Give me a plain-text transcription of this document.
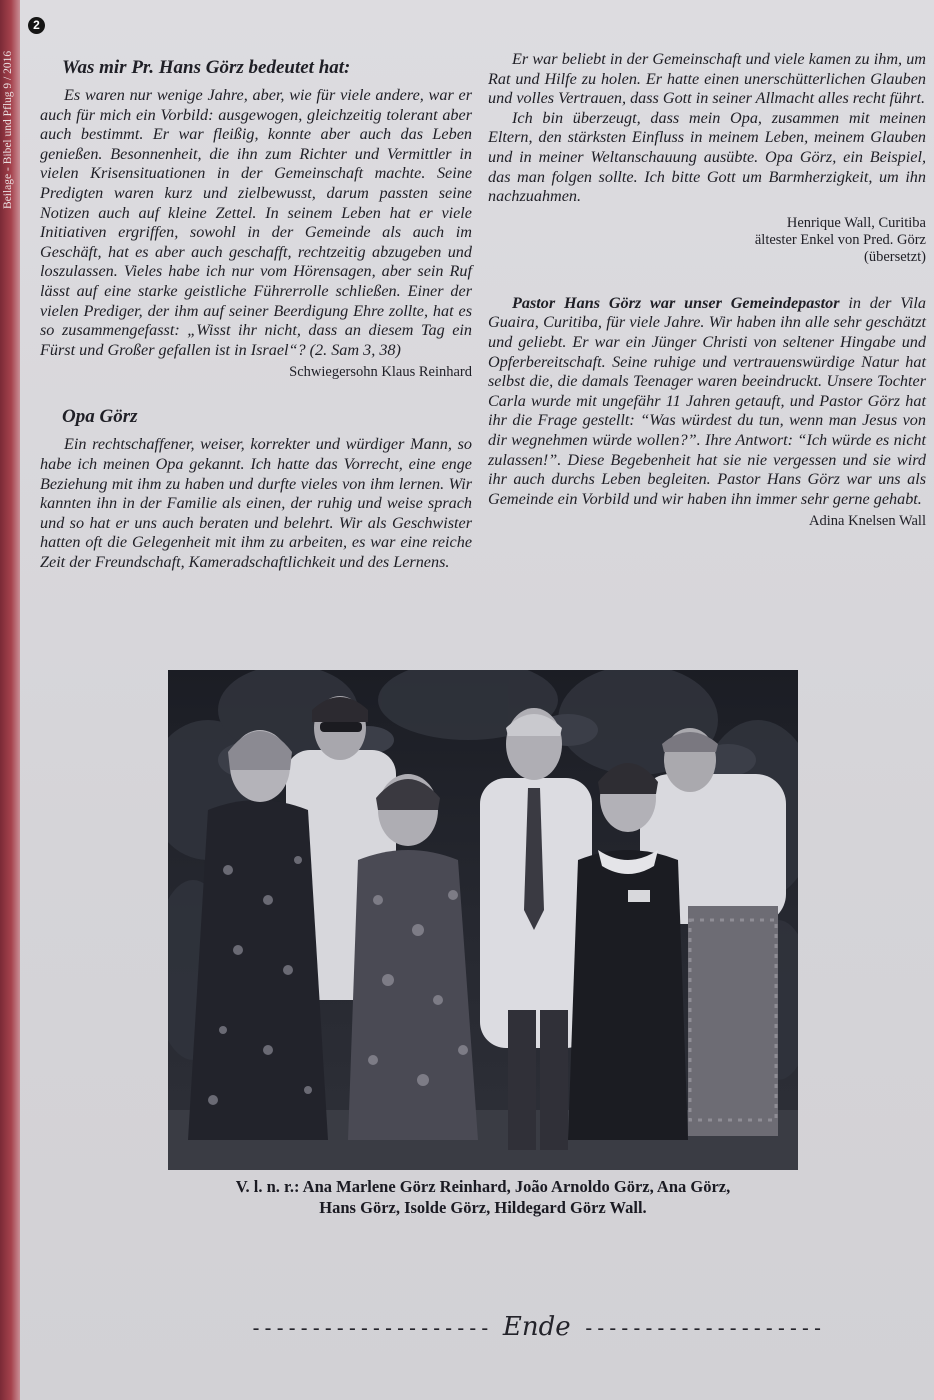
Beilage - Bibel und Pflug 9 / 2016
2
Was mir Pr. Hans Görz bedeutet hat:

Es waren nur wenige Jahre, aber, wie für viele andere, war er auch für mich ein Vorbild: ausgewogen, gleichzeitig tolerant aber auch bestimmt. Er war fleißig, konnte aber auch das Leben genießen. Besonnenheit, die ihn zum Richter und Vermittler in vielen Krisensituationen in der Gemeinschaft machte. Seine Predigten waren kurz und zielbewusst, darum passten seine Notizen auch auf kleine Zettel. In seinem Leben hat er viele Initiativen ergriffen, sowohl in der Gemeinde als auch im Geschäft, hat es aber auch geschafft, rechtzeitig abzugeben und loszulassen. Vieles habe ich nur vom Hörensagen, aber sein Ruf lässt auf eine starke geistliche Führerrolle schließen. Einer der vielen Prediger, der ihm auf seiner Beerdigung Ehre zollte, hat es so zusammengefasst: „Wisst ihr nicht, dass an diesem Tag ein Fürst und Großer gefallen ist in Israel“? (2. Sam 3, 38)

Schwiegersohn Klaus Reinhard
Opa Görz

Ein rechtschaffener, weiser, korrekter und würdiger Mann, so habe ich meinen Opa gekannt. Ich hatte das Vorrecht, eine enge Beziehung mit ihm zu haben und durfte vieles von ihm lernen. Wir kannten ihn in der Familie als einen, der ruhig und weise sprach und so hat er uns auch beraten und belehrt. Wir als Geschwister hatten oft die Gelegenheit mit ihm zu arbeiten, es war eine reiche Zeit der Freundschaft, Kameradschaftlichkeit und des Lernens.

Er war beliebt in der Gemeinschaft und viele kamen zu ihm, um Rat und Hilfe zu holen. Er hatte einen unerschütterlichen Glauben und volles Vertrauen, dass Gott in seiner Allmacht alles recht führt.

Ich bin überzeugt, dass mein Opa, zusammen mit meinen Eltern, den stärksten Einfluss in meinem Leben, meinem Glauben und in meiner Weltanschauung ausübte. Opa Görz, ein Beispiel, das man folgen sollte. Ich bitte Gott um Barmherzigkeit, um ihn nachzuahmen.

Henrique Wall, Curitiba
ältester Enkel von Pred. Görz
(übersetzt)

Pastor Hans Görz war unser Gemeindepastor in der Vila Guaira, Curitiba, für viele Jahre. Wir haben ihn alle sehr geschätzt und geliebt. Er war ein Jünger Christi von seltener Hingabe und Opferbereitschaft. Seine ruhige und vertrauenswürdige Natur hat selbst die, die damals Teenager waren beeindruckt. Unsere Tochter Carla wurde mit ungefähr 11 Jahren getauft, und Pastor Görz hat ihr die Frage gestellt: “Was würdest du tun, wenn man Jesus von dir wegnehmen würde wollen?”. Ihre Antwort: “Ich würde es nicht zulassen!”. Diese Begebenheit hat sie nie vergessen und sie wird ihr auch durchs Leben begleiten. Pastor Hans Görz war uns als Gemeinde ein Vorbild und wir haben ihn immer sehr gerne gehabt.

Adina Knelsen Wall
V. l. n. r.: Ana Marlene Görz Reinhard, João Arnoldo Görz, Ana Görz,
Hans Görz, Isolde Görz, Hildegard Görz Wall.
-------------------- Ende --------------------
